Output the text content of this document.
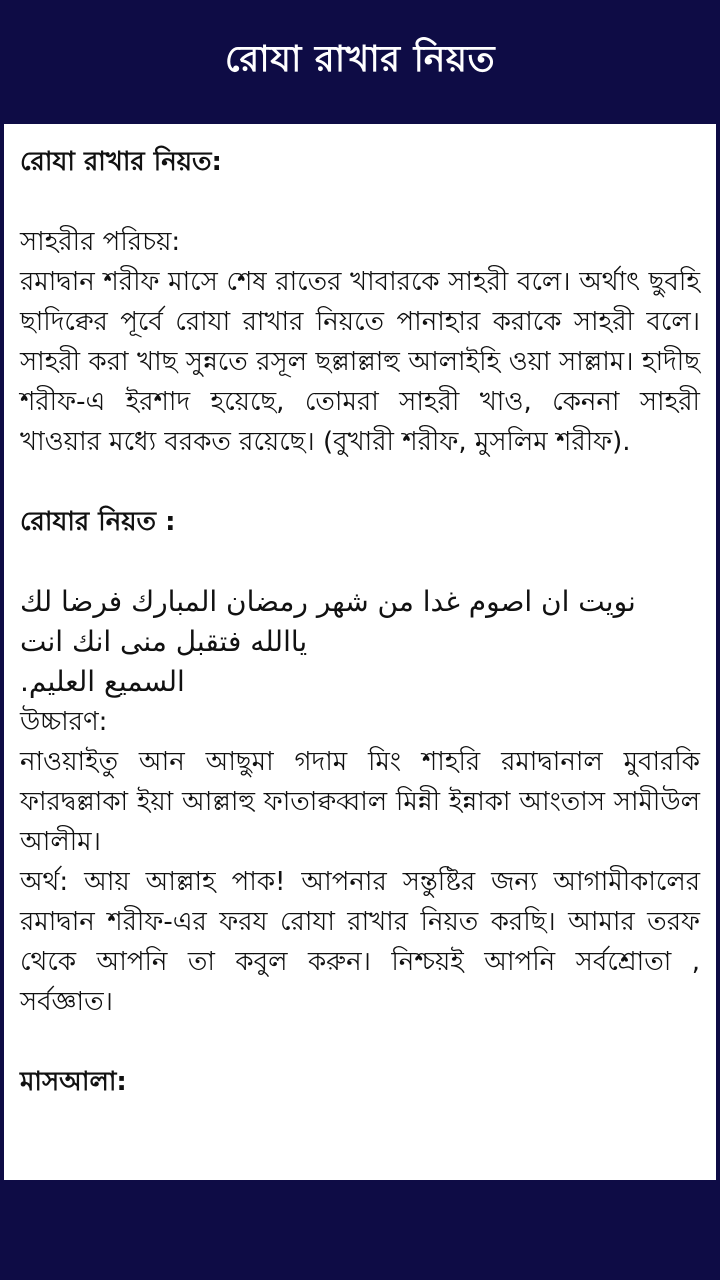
রোযা রাখার নিয়ত

রোযা রাখার নিয়ত:

সাহরীর পরিচয়:

রমাদ্বান শরীফ মাসে শেষ রাতের খাবারকে সাহরী বলে। অর্থাৎ ছুবহি ছাদিক্বের পূর্বে রোযা রাখার নিয়তে পানাহার করাকে সাহরী বলে। সাহরী করা খাছ সুন্নতে রসূল ছল্লাল্লাহু আলাইহি ওয়া সাল্লাম। হাদীছ শরীফ-এ ইরশাদ হয়েছে, তোমরা সাহরী খাও, কেননা সাহরী খাওয়ার মধ্যে বরকত রয়েছে। (বুখারী শরীফ, মুসলিম শরীফ).

রোযার নিয়ত :

نويت ان اصوم غدا من شهر رمضان المبارك فرضا لك ياالله فتقبل منى انك انت

السميع العليم.

উচ্চারণ:

নাওয়াইতু আন আছুমা গদাম মিং শাহরি রমাদ্বানাল মুবারকি ফারদ্বল্লাকা ইয়া আল্লাহু ফাতাক্বব্বাল মিন্নী ইন্নাকা আংতাস সামীউল আলীম।

অর্থ: আয় আল্লাহ পাক! আপনার সন্তুষ্টির জন্য আগামীকালের রমাদ্বান শরীফ-এর ফরয রোযা রাখার নিয়ত করছি। আমার তরফ থেকে আপনি তা কবুল করুন। নিশ্চয়ই আপনি সর্বশ্রোতা , সর্বজ্ঞাত।

মাসআলা:
